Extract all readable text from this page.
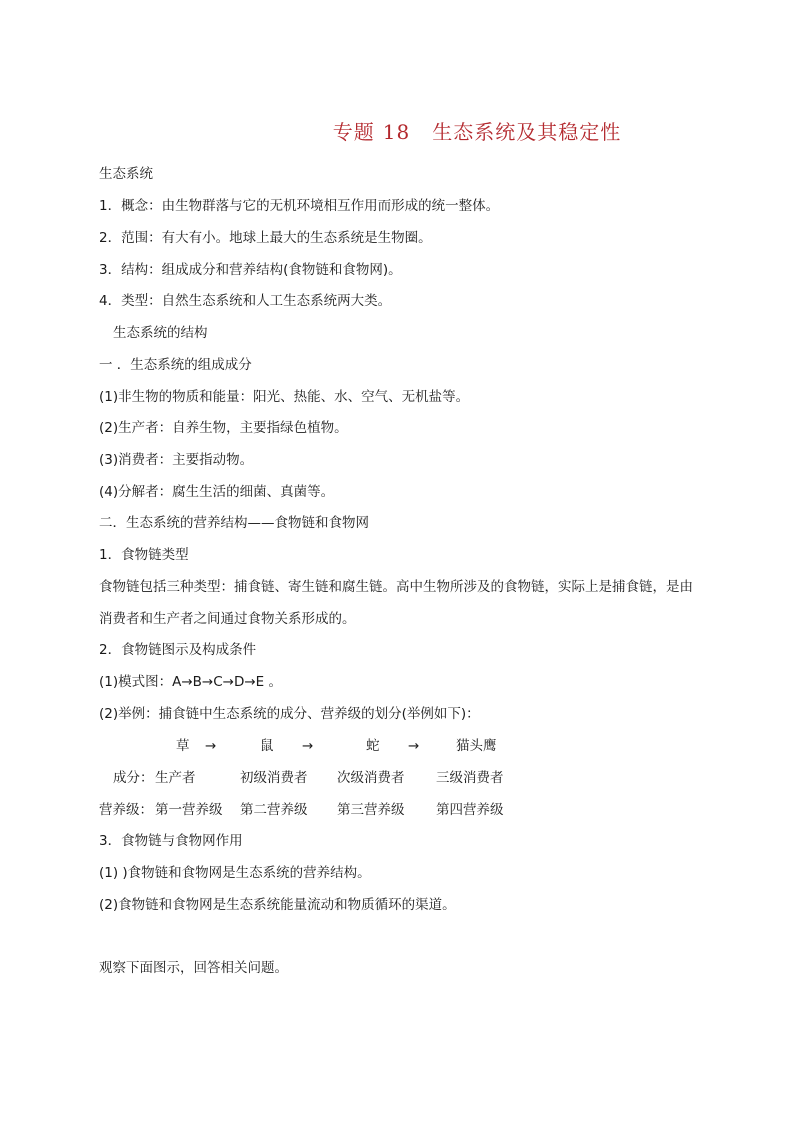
专题 18 生态系统及其稳定性
生态系统
1．概念：由生物群落与它的无机环境相互作用而形成的统一整体。
2．范围：有大有小。地球上最大的生态系统是生物圈。
3．结构：组成成分和营养结构(食物链和食物网)。
4．类型：自然生态系统和人工生态系统两大类。
生态系统的结构
一 ．生态系统的组成成分
(1)非生物的物质和能量：阳光、热能、水、空气、无机盐等。
(2)生产者：自养生物，主要指绿色植物。
(3)消费者：主要指动物。
(4)分解者：腐生生活的细菌、真菌等。
二．生态系统的营养结构——食物链和食物网
1．食物链类型
食物链包括三种类型：捕食链、寄生链和腐生链。高中生物所涉及的食物链，实际上是捕食链，是由
消费者和生产者之间通过食物关系形成的。
2．食物链图示及构成条件
(1)模式图：A→B→C→D→E 。
(2)举例：捕食链中生态系统的成分、营养级的划分(举例如下)：
草 →	鼠 →	蛇 →	猫头鹰
成分： 生产者	初级消费者 次级消费者 三级消费者
营养级： 第一营养级 第二营养级 第三营养级 第四营养级
3．食物链与食物网作用
(1) )食物链和食物网是生态系统的营养结构。
(2)食物链和食物网是生态系统能量流动和物质循环的渠道。
观察下面图示，回答相关问题。
